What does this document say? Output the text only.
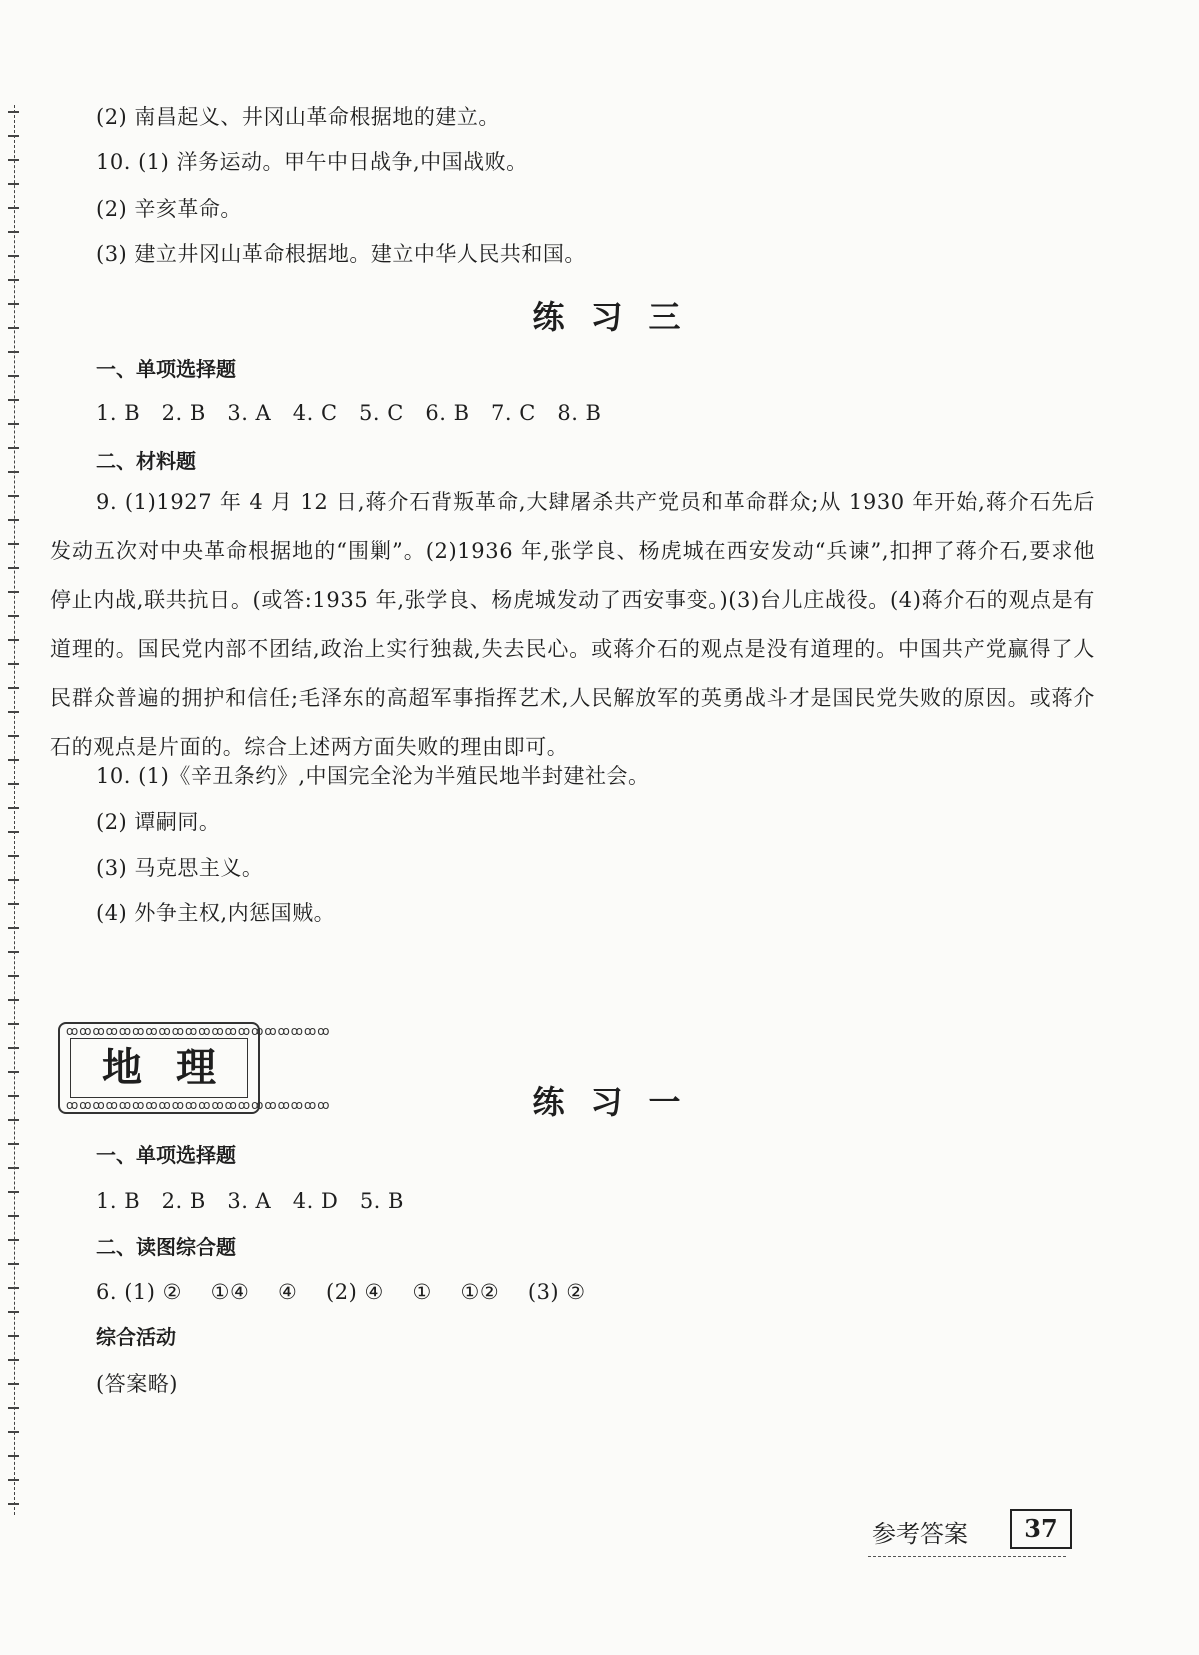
(2) 南昌起义、井冈山革命根据地的建立。
10. (1) 洋务运动。甲午中日战争,中国战败。
(2) 辛亥革命。
(3) 建立井冈山革命根据地。建立中华人民共和国。
练习三
一、单项选择题
1. B   2. B   3. A   4. C   5. C   6. B   7. C   8. B
二、材料题
9. (1)1927 年 4 月 12 日,蒋介石背叛革命,大肆屠杀共产党员和革命群众;从 1930 年开始,蒋介石先后发动五次对中央革命根据地的“围剿”。(2)1936 年,张学良、杨虎城在西安发动“兵谏”,扣押了蒋介石,要求他停止内战,联共抗日。(或答:1935 年,张学良、杨虎城发动了西安事变。)(3)台儿庄战役。(4)蒋介石的观点是有道理的。国民党内部不团结,政治上实行独裁,失去民心。或蒋介石的观点是没有道理的。中国共产党赢得了人民群众普遍的拥护和信任;毛泽东的高超军事指挥艺术,人民解放军的英勇战斗才是国民党失败的原因。或蒋介石的观点是片面的。综合上述两方面失败的理由即可。
10. (1)《辛丑条约》,中国完全沦为半殖民地半封建社会。
(2) 谭嗣同。
(3) 马克思主义。
(4) 外争主权,内惩国贼。
ꝏꝏꝏꝏꝏꝏꝏꝏꝏꝏꝏꝏꝏꝏꝏꝏꝏꝏꝏꝏ
地理
ꝏꝏꝏꝏꝏꝏꝏꝏꝏꝏꝏꝏꝏꝏꝏꝏꝏꝏꝏꝏ	练习一
一、单项选择题
1. B   2. B   3. A   4. D   5. B
二、读图综合题
6. (1) ②    ①④    ④    (2) ④    ①    ①②    (3) ②
综合活动
(答案略)
参考答案	37
